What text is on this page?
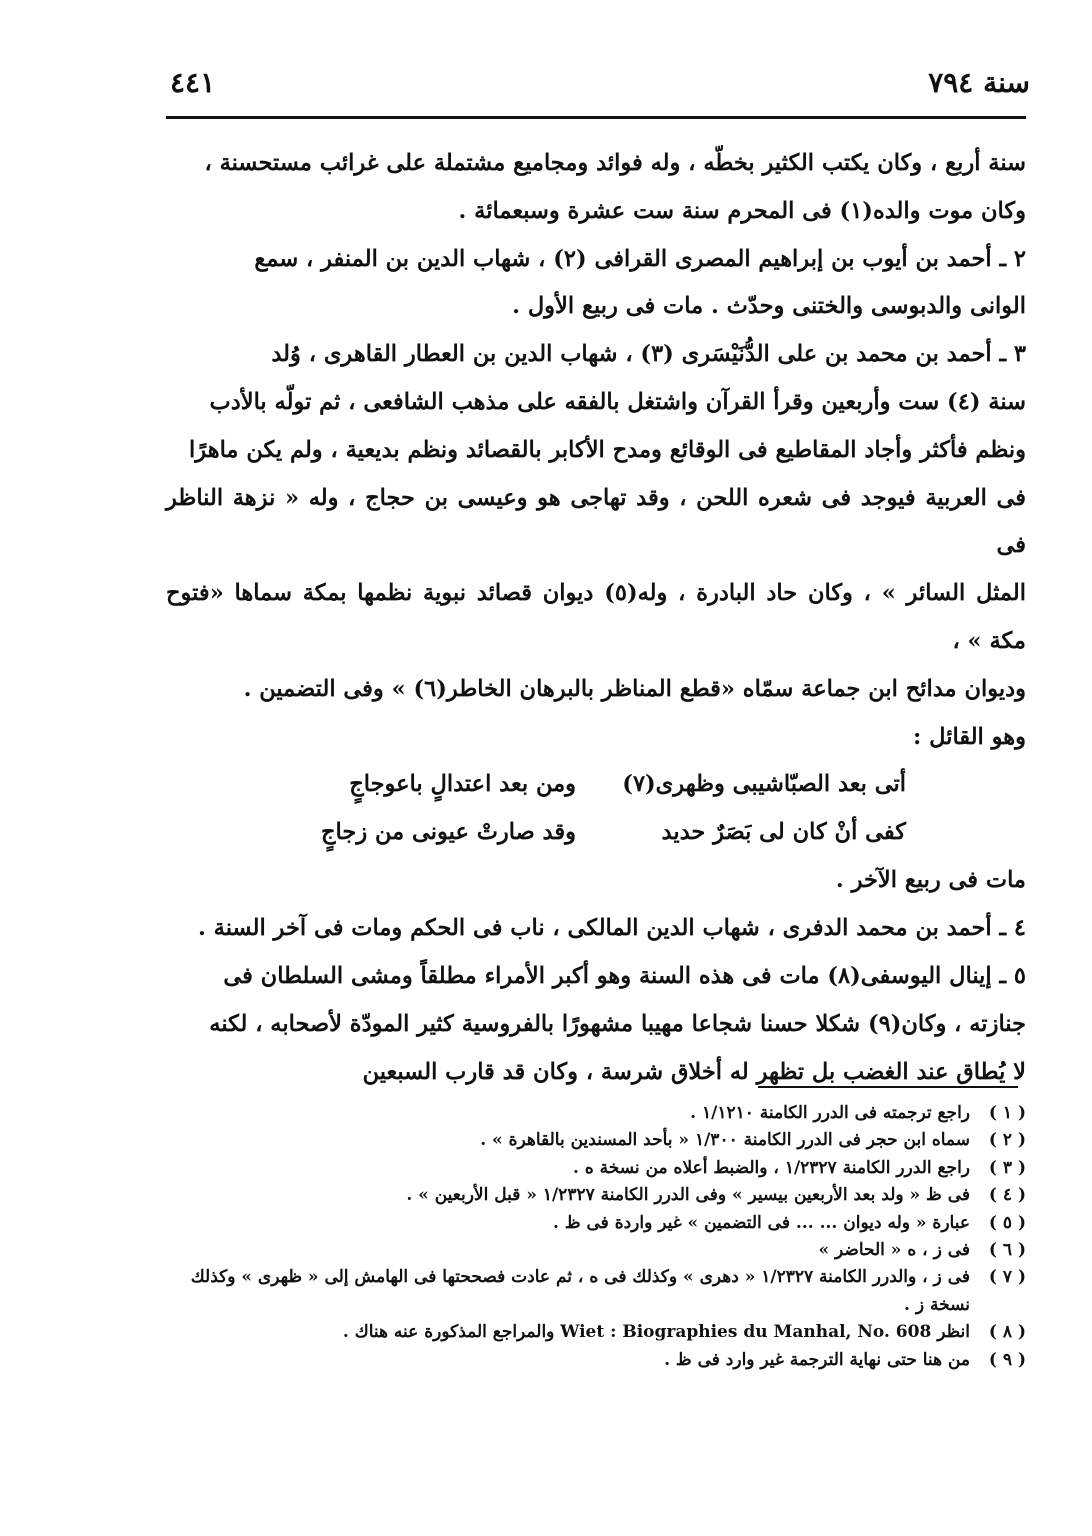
سنة ٧٩٤
٤٤١

سنة أربع ، وكان يكتب الكثير بخطّه ، وله فوائد ومجاميع مشتملة على غرائب مستحسنة ،

وكان موت والده(١) فى المحرم سنة ست عشرة وسبعمائة .

٢ ـ أحمد بن أيوب بن إبراهيم المصرى القرافى (٢) ، شهاب الدين بن المنفر ، سمع

الوانى والدبوسى والختنى وحدّث . مات فى ربيع الأول .

٣ ـ أحمد بن محمد بن على الدُّنَيْسَرى (٣) ، شهاب الدين بن العطار القاهرى ، وُلد

سنة (٤) ست وأربعين وقرأ القرآن واشتغل بالفقه على مذهب الشافعى ، ثم تولّه بالأدب

ونظم فأكثر وأجاد المقاطيع فى الوقائع ومدح الأكابر بالقصائد ونظم بديعية ، ولم يكن ماهرًا

فى العربية فيوجد فى شعره اللحن ، وقد تهاجى هو وعيسى بن حجاج ، وله « نزهة الناظر فى

المثل السائر » ، وكان حاد البادرة ، وله(٥) ديوان قصائد نبوية نظمها بمكة سماها «فتوح مكة » ،

وديوان مدائح ابن جماعة سمّاه «قطع المناظر بالبرهان الخاطر(٦) » وفى التضمين .

وهو القائل :

أتى بعد الصبّاشيبى وظهرى(٧)
ومن بعد اعتدالٍ باعوجاجٍ
كفى أنْ كان لى بَصَرٌ حديد
وقد صارتْ عيونى من زجاجٍ

مات فى ربيع الآخر .

٤ ـ أحمد بن محمد الدفرى ، شهاب الدين المالكى ، ناب فى الحكم ومات فى آخر السنة .

٥ ـ إينال اليوسفى(٨) مات فى هذه السنة وهو أكبر الأمراء مطلقاً ومشى السلطان فى

جنازته ، وكان(٩) شكلا حسنا شجاعا مهيبا مشهورًا بالفروسية كثير المودّة لأصحابه ، لكنه

لا يُطاق عند الغضب بل تظهر له أخلاق شرسة ، وكان قد قارب السبعين

( ١ )
راجع ترجمته فى الدرر الكامنة ١/١٢١٠ .
( ٢ )
سماه ابن حجر فى الدرر الكامنة ١/٣٠٠ « بأحد المسندين بالقاهرة » .
( ٣ )
راجع الدرر الكامنة ١/٢٣٢٧ ، والضبط أعلاه من نسخة ه .
( ٤ )
فى ظ « ولد بعد الأربعين بيسير » وفى الدرر الكامنة ١/٢٣٢٧ « قبل الأربعين » .
( ٥ )
عبارة « وله ديوان ... ... فى التضمين » غير واردة فى ظ .
( ٦ )
فى ز ، ه « الحاضر »
( ٧ )
فى ز ، والدرر الكامنة ١/٢٣٢٧ « دهرى » وكذلك فى ه ، ثم عادت فصححتها فى الهامش إلى « ظهرى » وكذلك نسخة ز .
( ٨ )
انظر Wiet : Biographies du Manhal, No. 608 والمراجع المذكورة عنه هناك .
( ٩ )
من هنا حتى نهاية الترجمة غير وارد فى ظ .
